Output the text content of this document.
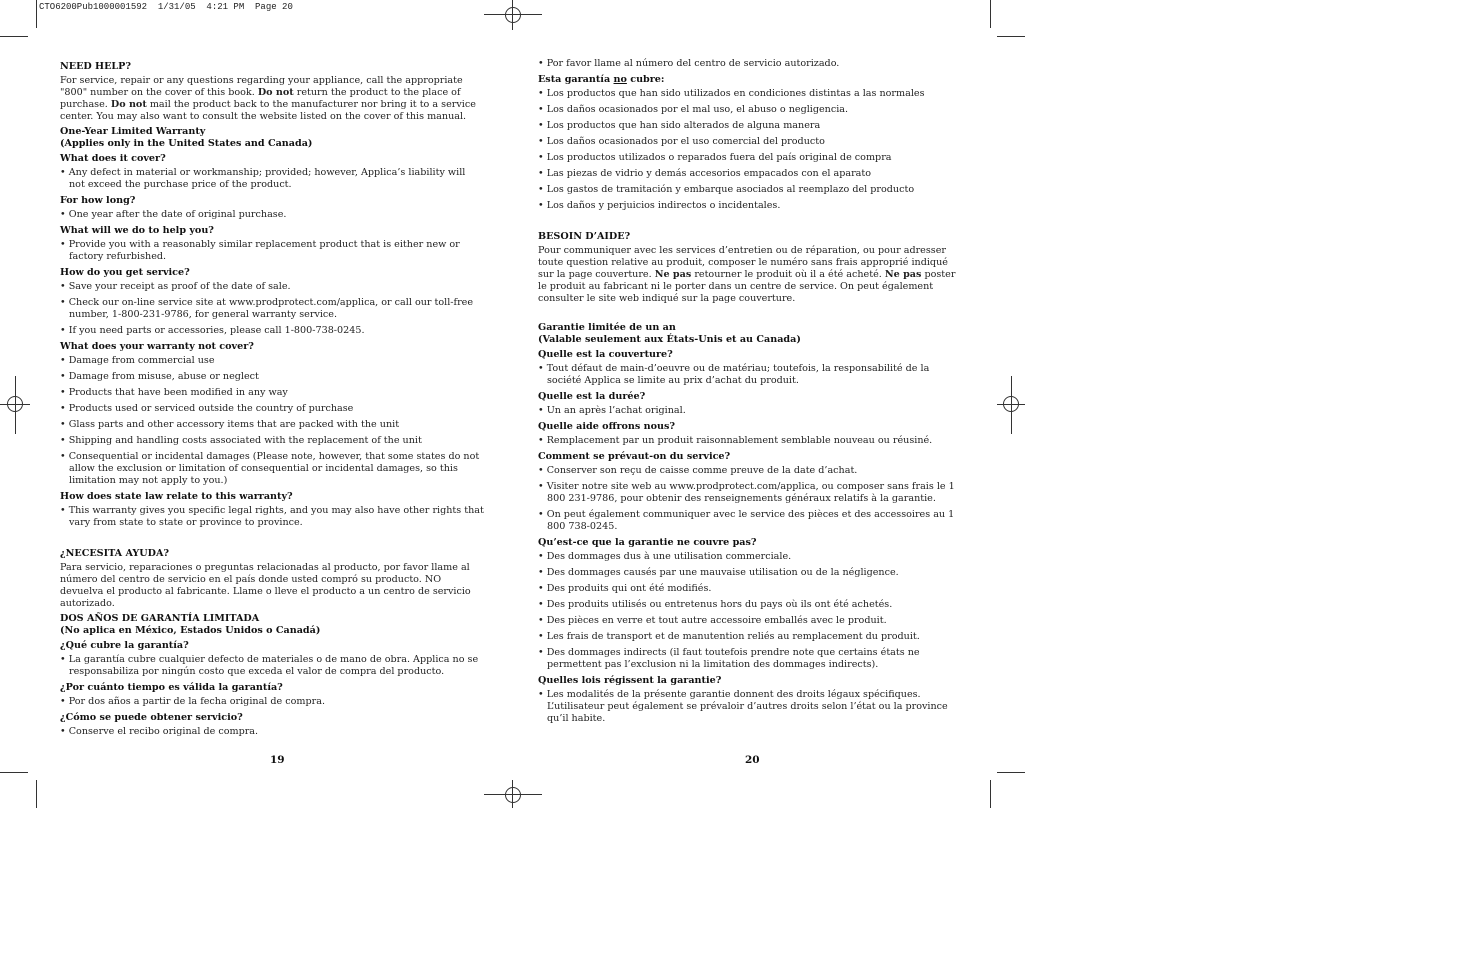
CTO6200Pub1000001592  1/31/05  4:21 PM  Page 20

NEED HELP?

For service, repair or any questions regarding your appliance, call the appropriate "800" number on the cover of this book. Do not return the product to the place of purchase. Do not mail the product back to the manufacturer nor bring it to a service center. You may also want to consult the website listed on the cover of this manual.

One-Year Limited Warranty
(Applies only in the United States and Canada)

What does it cover?

• Any defect in material or workmanship; provided; however, Applica’s liability will not exceed the purchase price of the product.

For how long?

• One year after the date of original purchase.

What will we do to help you?

• Provide you with a reasonably similar replacement product that is either new or factory refurbished.

How do you get service?

• Save your receipt as proof of the date of sale.

• Check our on-line service site at www.prodprotect.com/applica, or call our toll-free number, 1-800-231-9786, for general warranty service.

• If you need parts or accessories, please call 1-800-738-0245.

What does your warranty not cover?

• Damage from commercial use

• Damage from misuse, abuse or neglect

• Products that have been modified in any way

• Products used or serviced outside the country of purchase

• Glass parts and other accessory items that are packed with the unit

• Shipping and handling costs associated with the replacement of the unit

• Consequential or incidental damages (Please note, however, that some states do not allow the exclusion or limitation of consequential or incidental damages, so this limitation may not apply to you.)

How does state law relate to this warranty?

• This warranty gives you specific legal rights, and you may also have other rights that vary from state to state or province to province.

¿NECESITA AYUDA?

Para servicio, reparaciones o preguntas relacionadas al producto, por favor llame al número del centro de servicio en el país donde usted compró su producto. NO devuelva el producto al fabricante. Llame o lleve el producto a un centro de servicio autorizado.

DOS AÑOS DE GARANTÍA LIMITADA
(No aplica en México, Estados Unidos o Canadá)

¿Qué cubre la garantía?

• La garantía cubre cualquier defecto de materiales o de mano de obra. Applica no se responsabiliza por ningún costo que exceda el valor de compra del producto.

¿Por cuánto tiempo es válida la garantía?

• Por dos años a partir de la fecha original de compra.

¿Cómo se puede obtener servicio?

• Conserve el recibo original de compra.

19

• Por favor llame al número del centro de servicio autorizado.

Esta garantía no cubre:

• Los productos que han sido utilizados en condiciones distintas a las normales

• Los daños ocasionados por el mal uso, el abuso o negligencia.

• Los productos que han sido alterados de alguna manera

• Los daños ocasionados por el uso comercial del producto

• Los productos utilizados o reparados fuera del país original de compra

• Las piezas de vidrio y demás accesorios empacados con el aparato

• Los gastos de tramitación y embarque asociados al reemplazo del producto

• Los daños y perjuicios indirectos o incidentales.

BESOIN D’AIDE?

Pour communiquer avec les services d’entretien ou de réparation, ou pour adresser toute question relative au produit, composer le numéro sans frais approprié indiqué sur la page couverture. Ne pas retourner le produit où il a été acheté. Ne pas poster le produit au fabricant ni le porter dans un centre de service. On peut également consulter le site web indiqué sur la page couverture.

Garantie limitée de un an
(Valable seulement aux États-Unis et au Canada)

Quelle est la couverture?

• Tout défaut de main-d’oeuvre ou de matériau; toutefois, la responsabilité de la société Applica se limite au prix d’achat du produit.

Quelle est la durée?

• Un an après l’achat original.

Quelle aide offrons nous?

• Remplacement par un produit raisonnablement semblable nouveau ou réusiné.

Comment se prévaut-on du service?

• Conserver son reçu de caisse comme preuve de la date d’achat.

• Visiter notre site web au www.prodprotect.com/applica, ou composer sans frais le 1 800 231-9786, pour obtenir des renseignements généraux relatifs à la garantie.

• On peut également communiquer avec le service des pièces et des accessoires au 1 800 738-0245.

Qu’est-ce que la garantie ne couvre pas?

• Des dommages dus à une utilisation commerciale.

• Des dommages causés par une mauvaise utilisation ou de la négligence.

• Des produits qui ont été modifiés.

• Des produits utilisés ou entretenus hors du pays où ils ont été achetés.

• Des pièces en verre et tout autre accessoire emballés avec le produit.

• Les frais de transport et de manutention reliés au remplacement du produit.

• Des dommages indirects (il faut toutefois prendre note que certains états ne permettent pas l’exclusion ni la limitation des dommages indirects).

Quelles lois régissent la garantie?

• Les modalités de la présente garantie donnent des droits légaux spécifiques. L’utilisateur peut également se prévaloir d’autres droits selon l’état ou la province qu’il habite.

20
